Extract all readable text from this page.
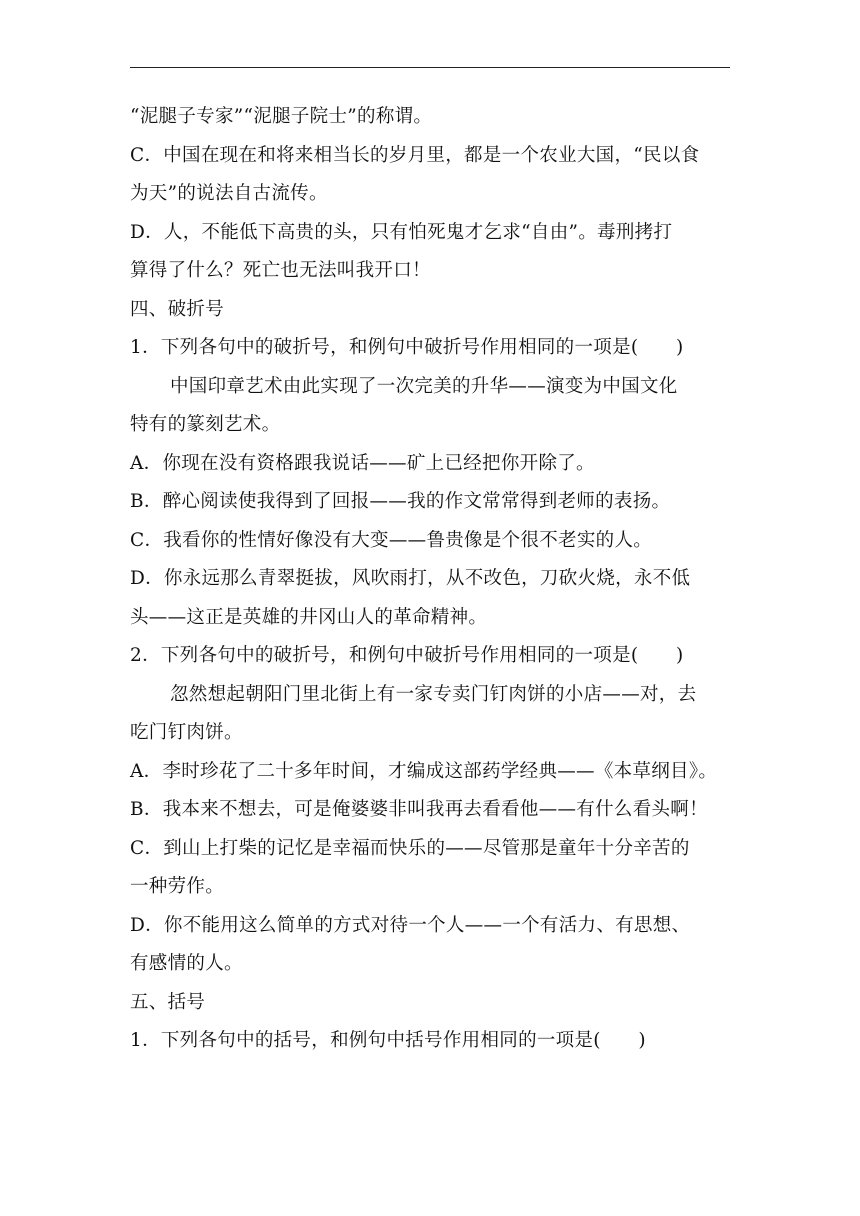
“泥腿子专家”“泥腿子院士”的称谓。
C．中国在现在和将来相当长的岁月里，都是一个农业大国，“民以食
为天”的说法自古流传。
D．人，不能低下高贵的头，只有怕死鬼才乞求“自由”。毒刑拷打
算得了什么？死亡也无法叫我开口！
四、破折号
1．下列各句中的破折号，和例句中破折号作用相同的一项是(　　)
中国印章艺术由此实现了一次完美的升华——演变为中国文化
特有的篆刻艺术。
A．你现在没有资格跟我说话——矿上已经把你开除了。
B．醉心阅读使我得到了回报——我的作文常常得到老师的表扬。
C．我看你的性情好像没有大变——鲁贵像是个很不老实的人。
D．你永远那么青翠挺拔，风吹雨打，从不改色，刀砍火烧，永不低
头——这正是英雄的井冈山人的革命精神。
2．下列各句中的破折号，和例句中破折号作用相同的一项是(　　)
忽然想起朝阳门里北街上有一家专卖门钉肉饼的小店——对，去
吃门钉肉饼。
A．李时珍花了二十多年时间，才编成这部药学经典——《本草纲目》。
B．我本来不想去，可是俺婆婆非叫我再去看看他——有什么看头啊！
C．到山上打柴的记忆是幸福而快乐的——尽管那是童年十分辛苦的
一种劳作。
D．你不能用这么简单的方式对待一个人——一个有活力、有思想、
有感情的人。
五、括号
1．下列各句中的括号，和例句中括号作用相同的一项是(　　)
